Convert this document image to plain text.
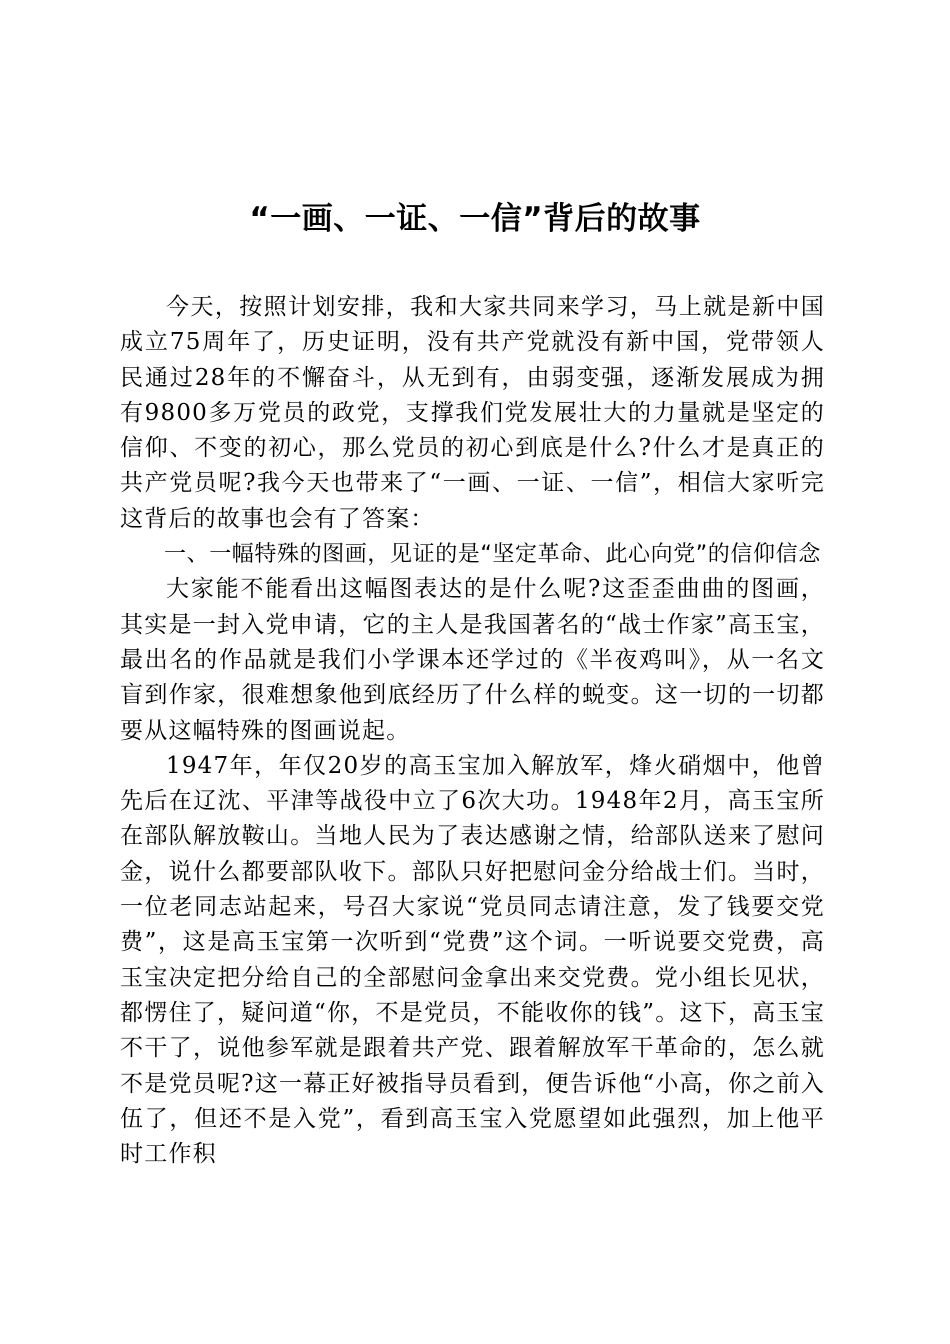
“一画、一证、一信”背后的故事

今天，按照计划安排，我和大家共同来学习，马上就是新中国成立75周年了，历史证明，没有共产党就没有新中国，党带领人民通过28年的不懈奋斗，从无到有，由弱变强，逐渐发展成为拥有9800多万党员的政党，支撑我们党发展壮大的力量就是坚定的信仰、不变的初心，那么党员的初心到底是什么?什么才是真正的共产党员呢?我今天也带来了“一画、一证、一信”，相信大家听完这背后的故事也会有了答案：

一、一幅特殊的图画，见证的是“坚定革命、此心向党”的信仰信念

大家能不能看出这幅图表达的是什么呢?这歪歪曲曲的图画，其实是一封入党申请，它的主人是我国著名的“战士作家”高玉宝，最出名的作品就是我们小学课本还学过的《半夜鸡叫》，从一名文盲到作家，很难想象他到底经历了什么样的蜕变。这一切的一切都要从这幅特殊的图画说起。

1947年，年仅20岁的高玉宝加入解放军，烽火硝烟中，他曾先后在辽沈、平津等战役中立了6次大功。1948年2月，高玉宝所在部队解放鞍山。当地人民为了表达感谢之情，给部队送来了慰问金，说什么都要部队收下。部队只好把慰问金分给战士们。当时，一位老同志站起来，号召大家说“党员同志请注意，发了钱要交党费”，这是高玉宝第一次听到“党费”这个词。一听说要交党费，高玉宝决定把分给自己的全部慰问金拿出来交党费。党小组长见状，都愣住了，疑问道“你，不是党员，不能收你的钱”。这下，高玉宝不干了，说他参军就是跟着共产党、跟着解放军干革命的，怎么就不是党员呢?这一幕正好被指导员看到，便告诉他“小高，你之前入伍了，但还不是入党”，看到高玉宝入党愿望如此强烈，加上他平时工作积
